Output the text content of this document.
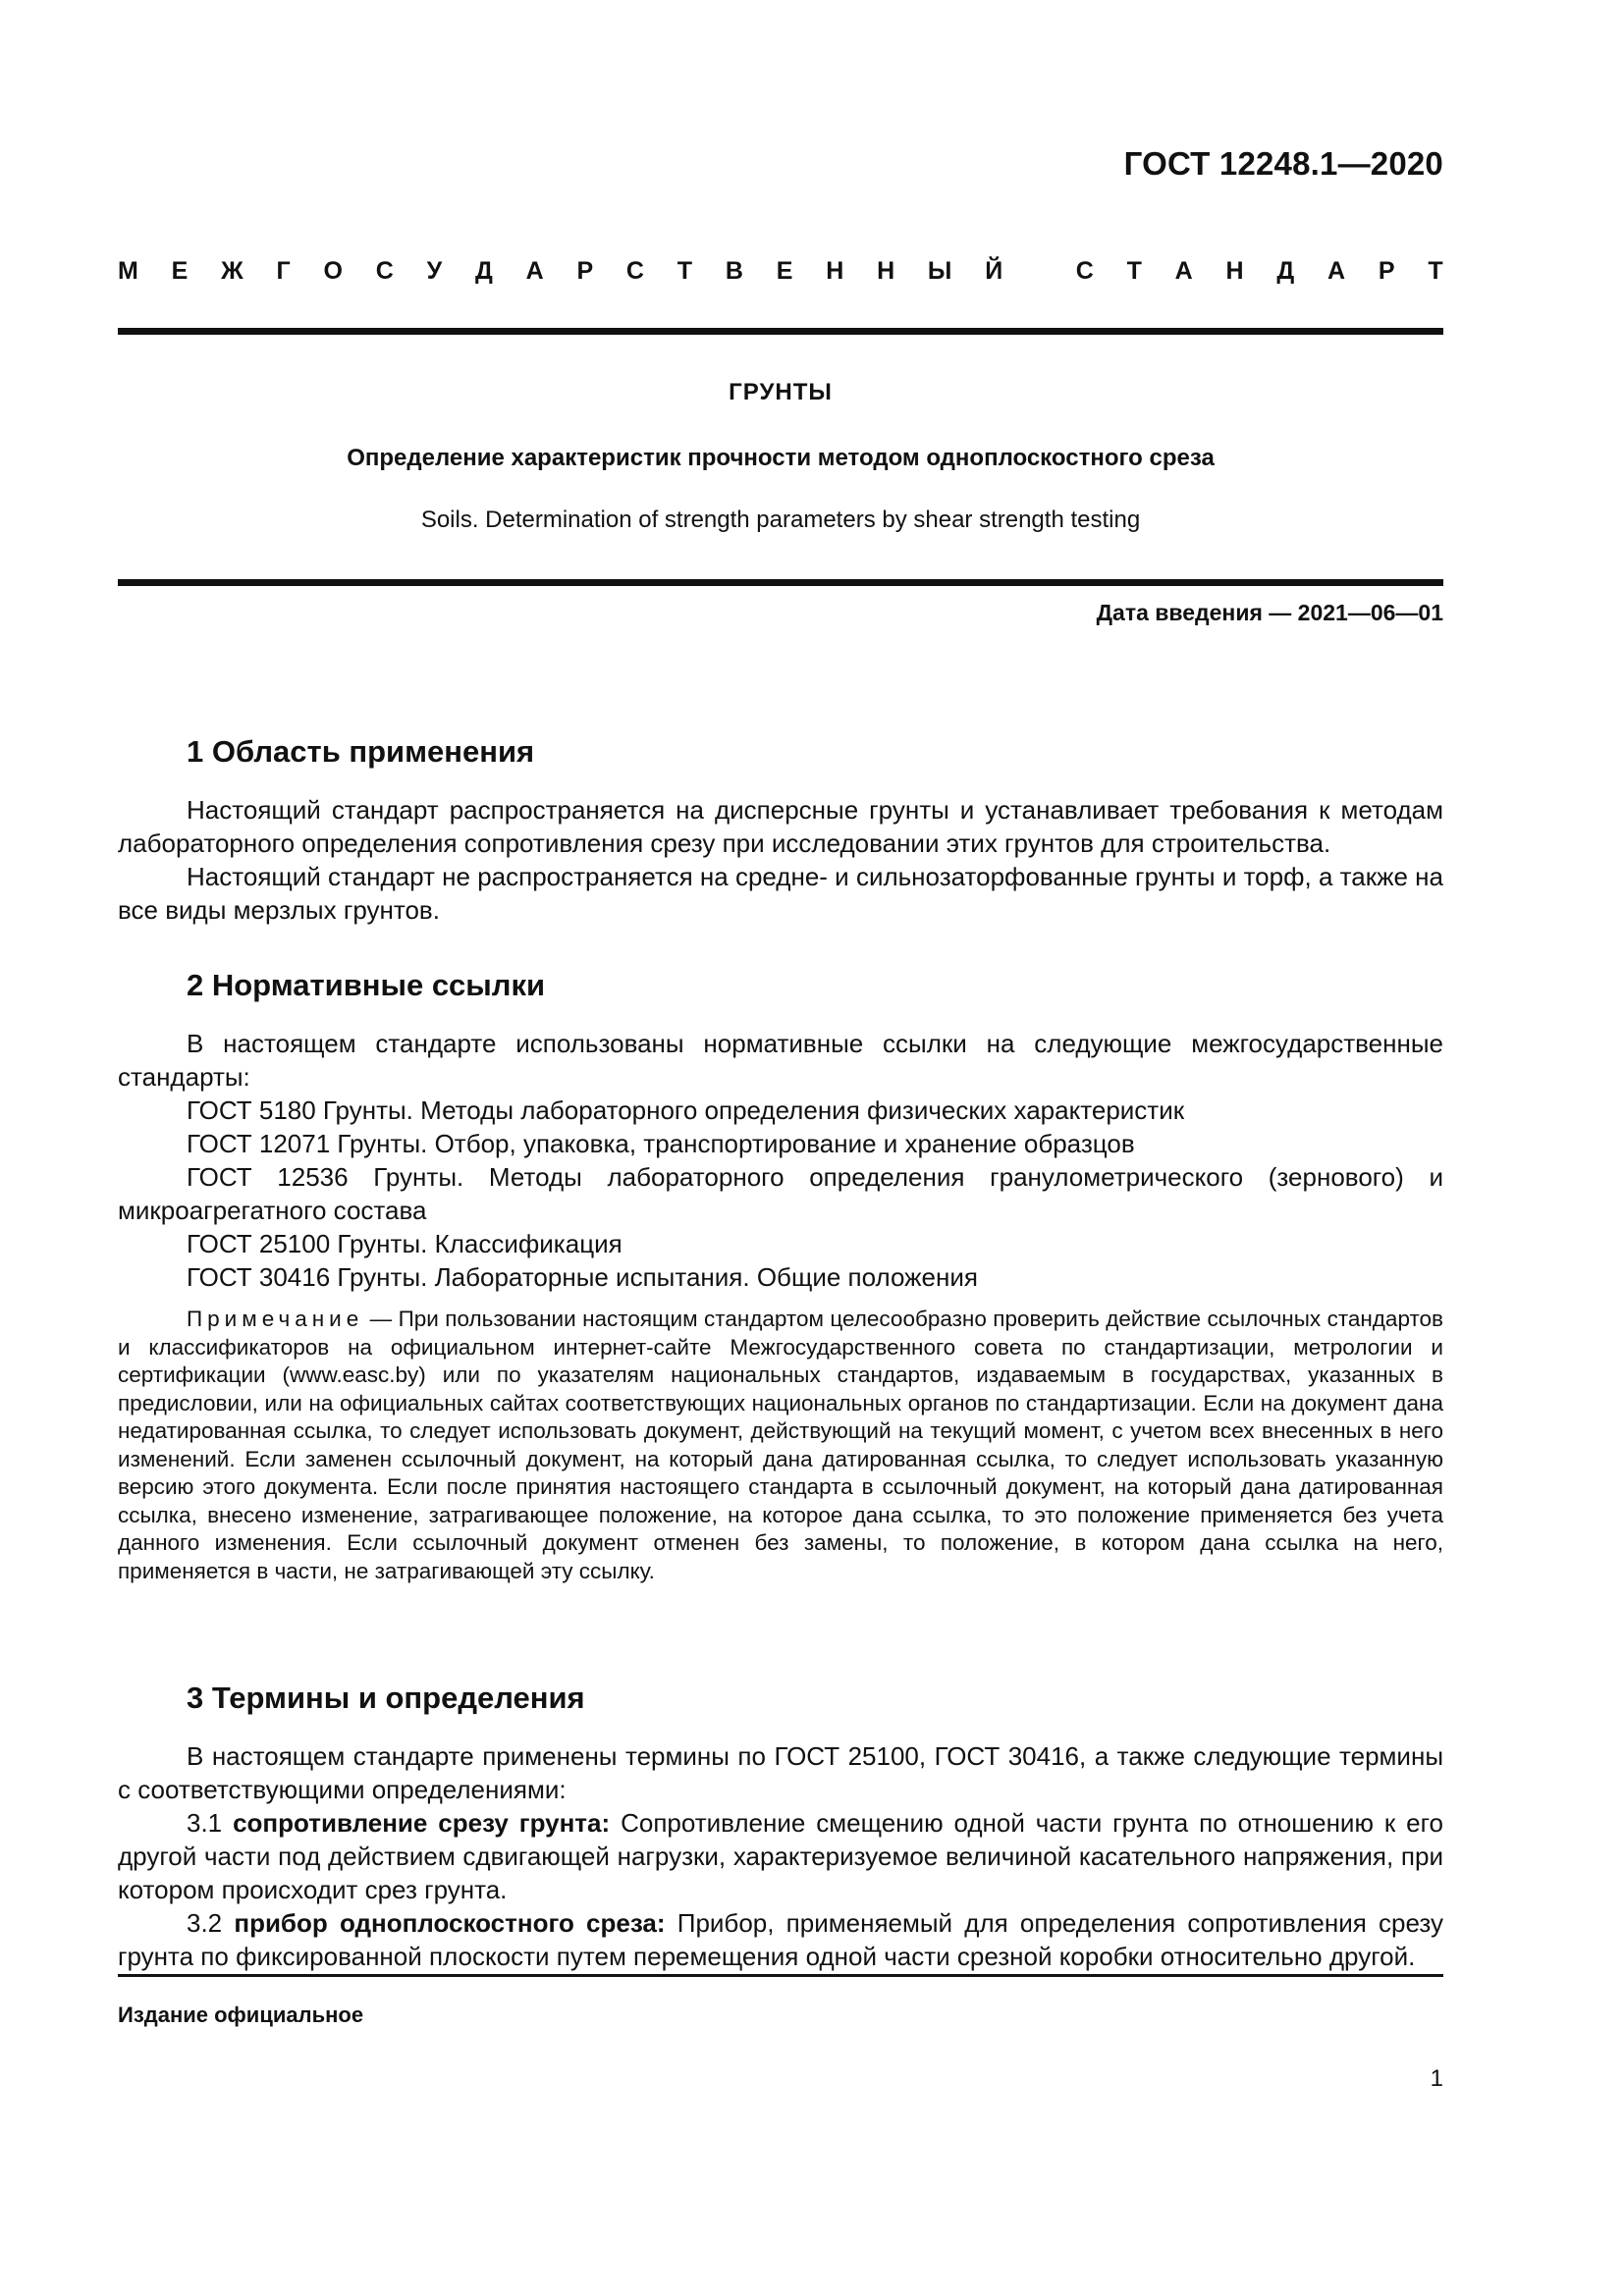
ГОСТ 12248.1—2020
М Е Ж Г О С У Д А Р С Т В Е Н Н Ы Й
	С Т А Н Д А Р Т
ГРУНТЫ
Определение характеристик прочности методом одноплоскостного среза
Soils. Determination of strength parameters by shear strength testing
Дата введения — 2021—06—01
1 Область применения

Настоящий стандарт распространяется на дисперсные грунты и устанавливает требования к методам лабораторного определения сопротивления срезу при исследовании этих грунтов для строительства.

Настоящий стандарт не распространяется на средне- и сильнозаторфованные грунты и торф, а также на все виды мерзлых грунтов.

2 Нормативные ссылки

В настоящем стандарте использованы нормативные ссылки на следующие межгосударственные стандарты:

ГОСТ 5180 Грунты. Методы лабораторного определения физических характеристик

ГОСТ 12071 Грунты. Отбор, упаковка, транспортирование и хранение образцов

ГОСТ 12536 Грунты. Методы лабораторного определения гранулометрического (зернового) и микроагрегатного состава

ГОСТ 25100 Грунты. Классификация

ГОСТ 30416 Грунты. Лабораторные испытания. Общие положения

Примечание — При пользовании настоящим стандартом целесообразно проверить действие ссылочных стандартов и классификаторов на официальном интернет-сайте Межгосударственного совета по стандартизации, метрологии и сертификации (www.easc.by) или по указателям национальных стандартов, издаваемым в государствах, указанных в предисловии, или на официальных сайтах соответствующих национальных органов по стандартизации. Если на документ дана недатированная ссылка, то следует использовать документ, действующий на текущий момент, с учетом всех внесенных в него изменений. Если заменен ссылочный документ, на который дана датированная ссылка, то следует использовать указанную версию этого документа. Если после принятия настоящего стандарта в ссылочный документ, на который дана датированная ссылка, внесено изменение, затрагивающее положение, на которое дана ссылка, то это положение применяется без учета данного изменения. Если ссылочный документ отменен без замены, то положение, в котором дана ссылка на него, применяется в части, не затрагивающей эту ссылку.

3 Термины и определения

В настоящем стандарте применены термины по ГОСТ 25100, ГОСТ 30416, а также следующие термины с соответствующими определениями:

3.1 сопротивление срезу грунта: Сопротивление смещению одной части грунта по отношению к его другой части под действием сдвигающей нагрузки, характеризуемое величиной касательного напряжения, при котором происходит срез грунта.

3.2 прибор одноплоскостного среза: Прибор, применяемый для определения сопротивления срезу грунта по фиксированной плоскости путем перемещения одной части срезной коробки относительно другой.

Издание официальное
1
